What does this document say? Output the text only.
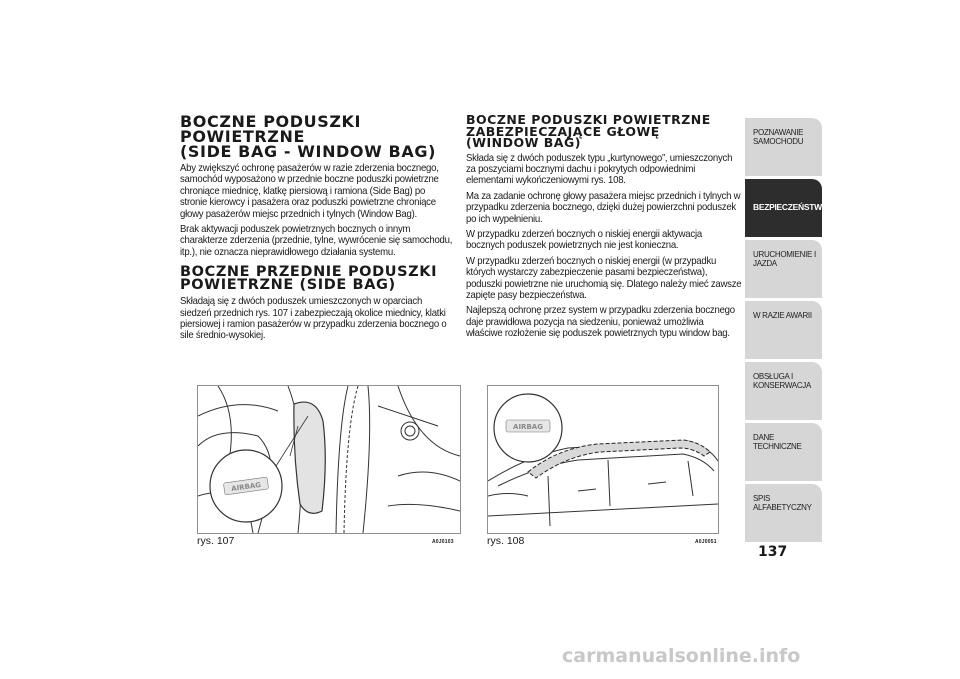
BOCZNE PODUSZKI
POWIETRZNE
(SIDE BAG - WINDOW BAG)

Aby zwiększyć ochronę pasażerów w razie zderzenia bocznego, samochód wyposażono w przednie boczne poduszki powietrzne chroniące miednicę, klatkę piersiową i ramiona (Side Bag) po stronie kierowcy i pasażera oraz poduszki powietrzne chroniące głowy pasażerów miejsc przednich i tylnych (Window Bag).

Brak aktywacji poduszek powietrznych bocznych o innym charakterze zderzenia (przednie, tylne, wywrócenie się samochodu, itp.), nie oznacza nieprawidłowego działania systemu.

BOCZNE PRZEDNIE PODUSZKI
POWIETRZNE (SIDE BAG)

Składają się z dwóch poduszek umieszczonych w oparciach siedzeń przednich rys. 107 i zabezpieczają okolice miednicy, klatki piersiowej i ramion pasażerów w przypadku zderzenia bocznego o sile średnio-wysokiej.

BOCZNE PODUSZKI POWIETRZNE
ZABEZPIECZAJĄCE GŁOWĘ
(WINDOW BAG)

Składa się z dwóch poduszek typu „kurtynowego”, umieszczonych za poszyciami bocznymi dachu i pokrytych odpowiednimi elementami wykończeniowymi rys. 108.

Ma za zadanie ochronę głowy pasażera miejsc przednich i tylnych w przypadku zderzenia bocznego, dzięki dużej powierzchni poduszek po ich wypełnieniu.

W przypadku zderzeń bocznych o niskiej energii aktywacja bocznych poduszek powietrznych nie jest konieczna.

W przypadku zderzeń bocznych o niskiej energii (w przypadku których wystarczy zabezpieczenie pasami bezpieczeństwa), poduszki powietrzne nie uruchomią się. Dlatego należy mieć zawsze zapięte pasy bezpieczeństwa.

Najlepszą ochronę przez system w przypadku zderzenia bocznego daje prawidłowa pozycja na siedzeniu, ponieważ umożliwia właściwe rozłożenie się poduszek powietrznych typu window bag.

AIRBAG
rys. 107	A0J0103
AIRBAG
rys. 108	A0J0051
POZNAWANIE SAMOCHODU
BEZPIECZEŃSTWO
URUCHOMIENIE I JAZDA
W RAZIE AWARII
OBSŁUGA I KONSERWACJA
DANE TECHNICZNE
SPIS ALFABETYCZNY
137
carmanualsonline.info
